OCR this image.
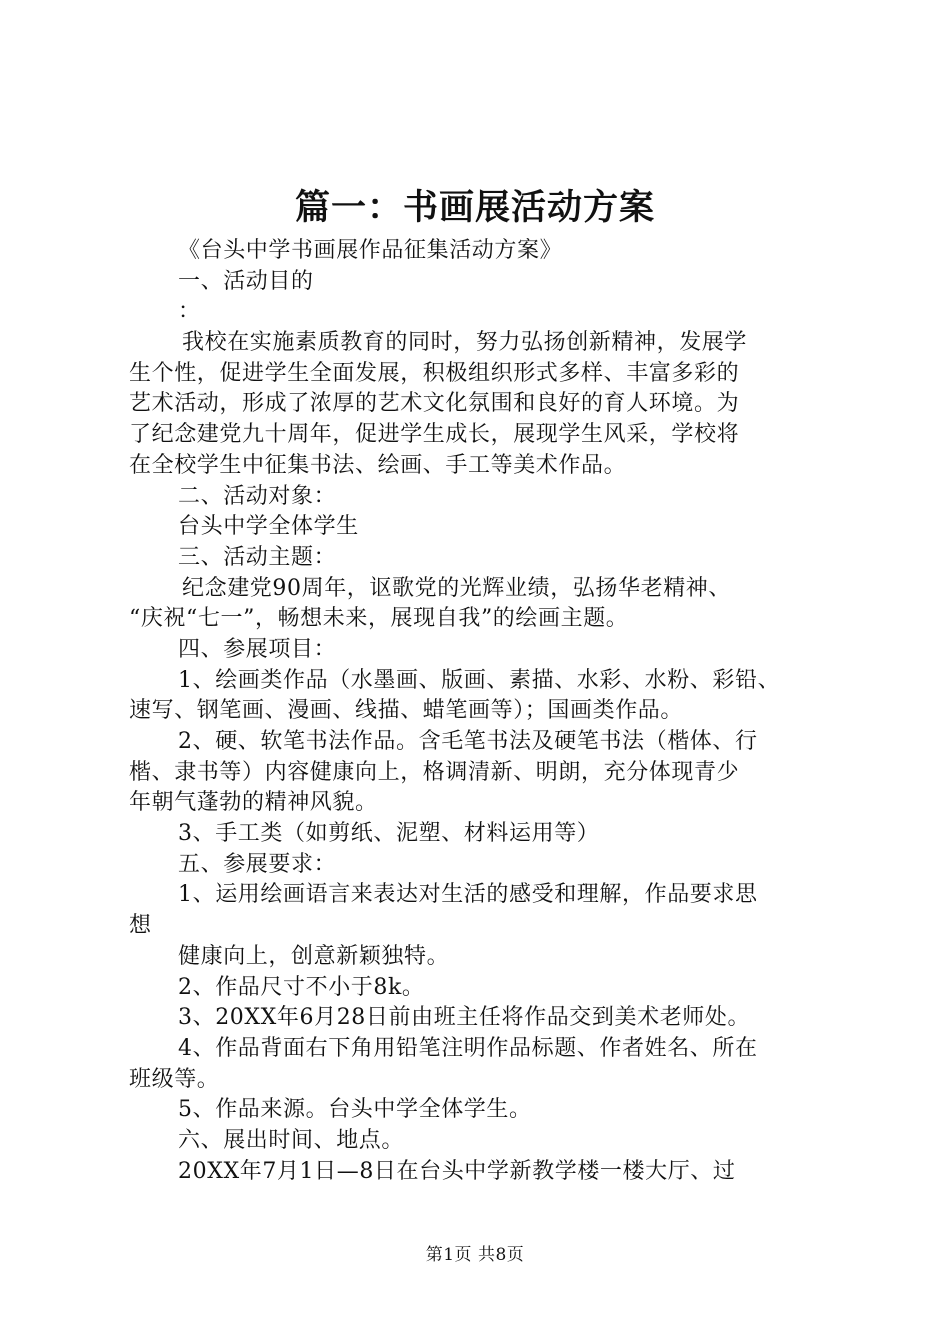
篇一：书画展活动方案
《台头中学书画展作品征集活动方案》
一、活动目的
：
我校在实施素质教育的同时，努力弘扬创新精神，发展学
生个性，促进学生全面发展，积极组织形式多样、丰富多彩的
艺术活动，形成了浓厚的艺术文化氛围和良好的育人环境。为
了纪念建党九十周年，促进学生成长，展现学生风采，学校将
在全校学生中征集书法、绘画、手工等美术作品。
二、活动对象：
台头中学全体学生
三、活动主题：
纪念建党90周年，讴歌党的光辉业绩，弘扬华老精神、
“庆祝“七一”，畅想未来，展现自我”的绘画主题。
四、参展项目：
1、绘画类作品（水墨画、版画、素描、水彩、水粉、彩铅、
速写、钢笔画、漫画、线描、蜡笔画等）；国画类作品。
2、硬、软笔书法作品。含毛笔书法及硬笔书法（楷体、行
楷、隶书等）内容健康向上，格调清新、明朗，充分体现青少
年朝气蓬勃的精神风貌。
3、手工类（如剪纸、泥塑、材料运用等）
五、参展要求：
1、运用绘画语言来表达对生活的感受和理解，作品要求思
想
健康向上，创意新颖独特。
2、作品尺寸不小于8k。
3、20XX年6月28日前由班主任将作品交到美术老师处。
4、作品背面右下角用铅笔注明作品标题、作者姓名、所在
班级等。
5、作品来源。台头中学全体学生。
六、展出时间、地点。
20XX年7月1日—8日在台头中学新教学楼一楼大厅、过
第1页 共8页
